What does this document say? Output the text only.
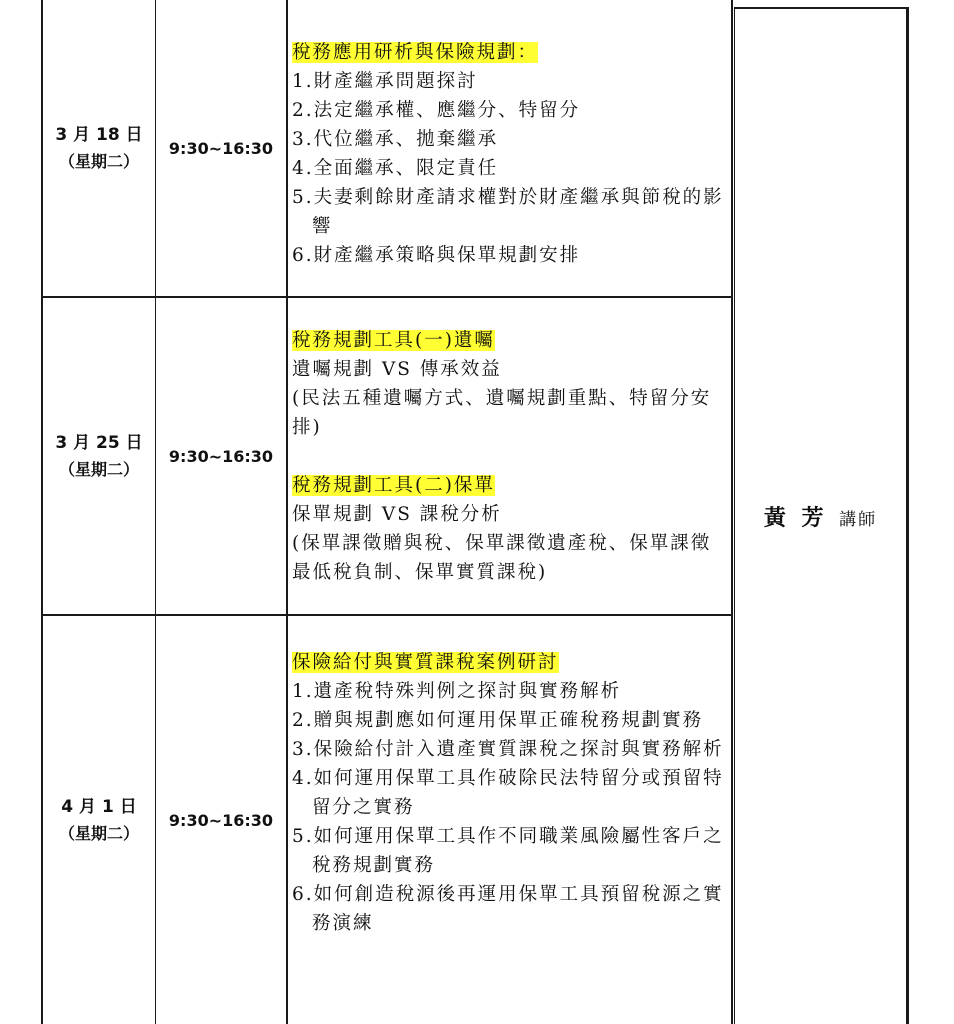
3 月 18 日
（星期二）
9:30~16:30
稅務應用研析與保險規劃：
1.財產繼承問題探討
2.法定繼承權、應繼分、特留分
3.代位繼承、拋棄繼承
4.全面繼承、限定責任
5.夫妻剩餘財產請求權對於財產繼承與節稅的影響
6.財產繼承策略與保單規劃安排
3 月 25 日
（星期二）
9:30~16:30
稅務規劃工具(一)遺囑
遺囑規劃 VS 傳承效益
(民法五種遺囑方式、遺囑規劃重點、特留分安排)
稅務規劃工具(二)保單
保單規劃 VS 課稅分析
(保單課徵贈與稅、保單課徵遺產稅、保單課徵最低稅負制、保單實質課稅)
4 月 1 日
（星期二）
9:30~16:30
保險給付與實質課稅案例研討
1.遺產稅特殊判例之探討與實務解析
2.贈與規劃應如何運用保單正確稅務規劃實務
3.保險給付計入遺產實質課稅之探討與實務解析
4.如何運用保單工具作破除民法特留分或預留特留分之實務
5.如何運用保單工具作不同職業風險屬性客戶之稅務規劃實務
6.如何創造稅源後再運用保單工具預留稅源之實務演練
黃 芳 講師
